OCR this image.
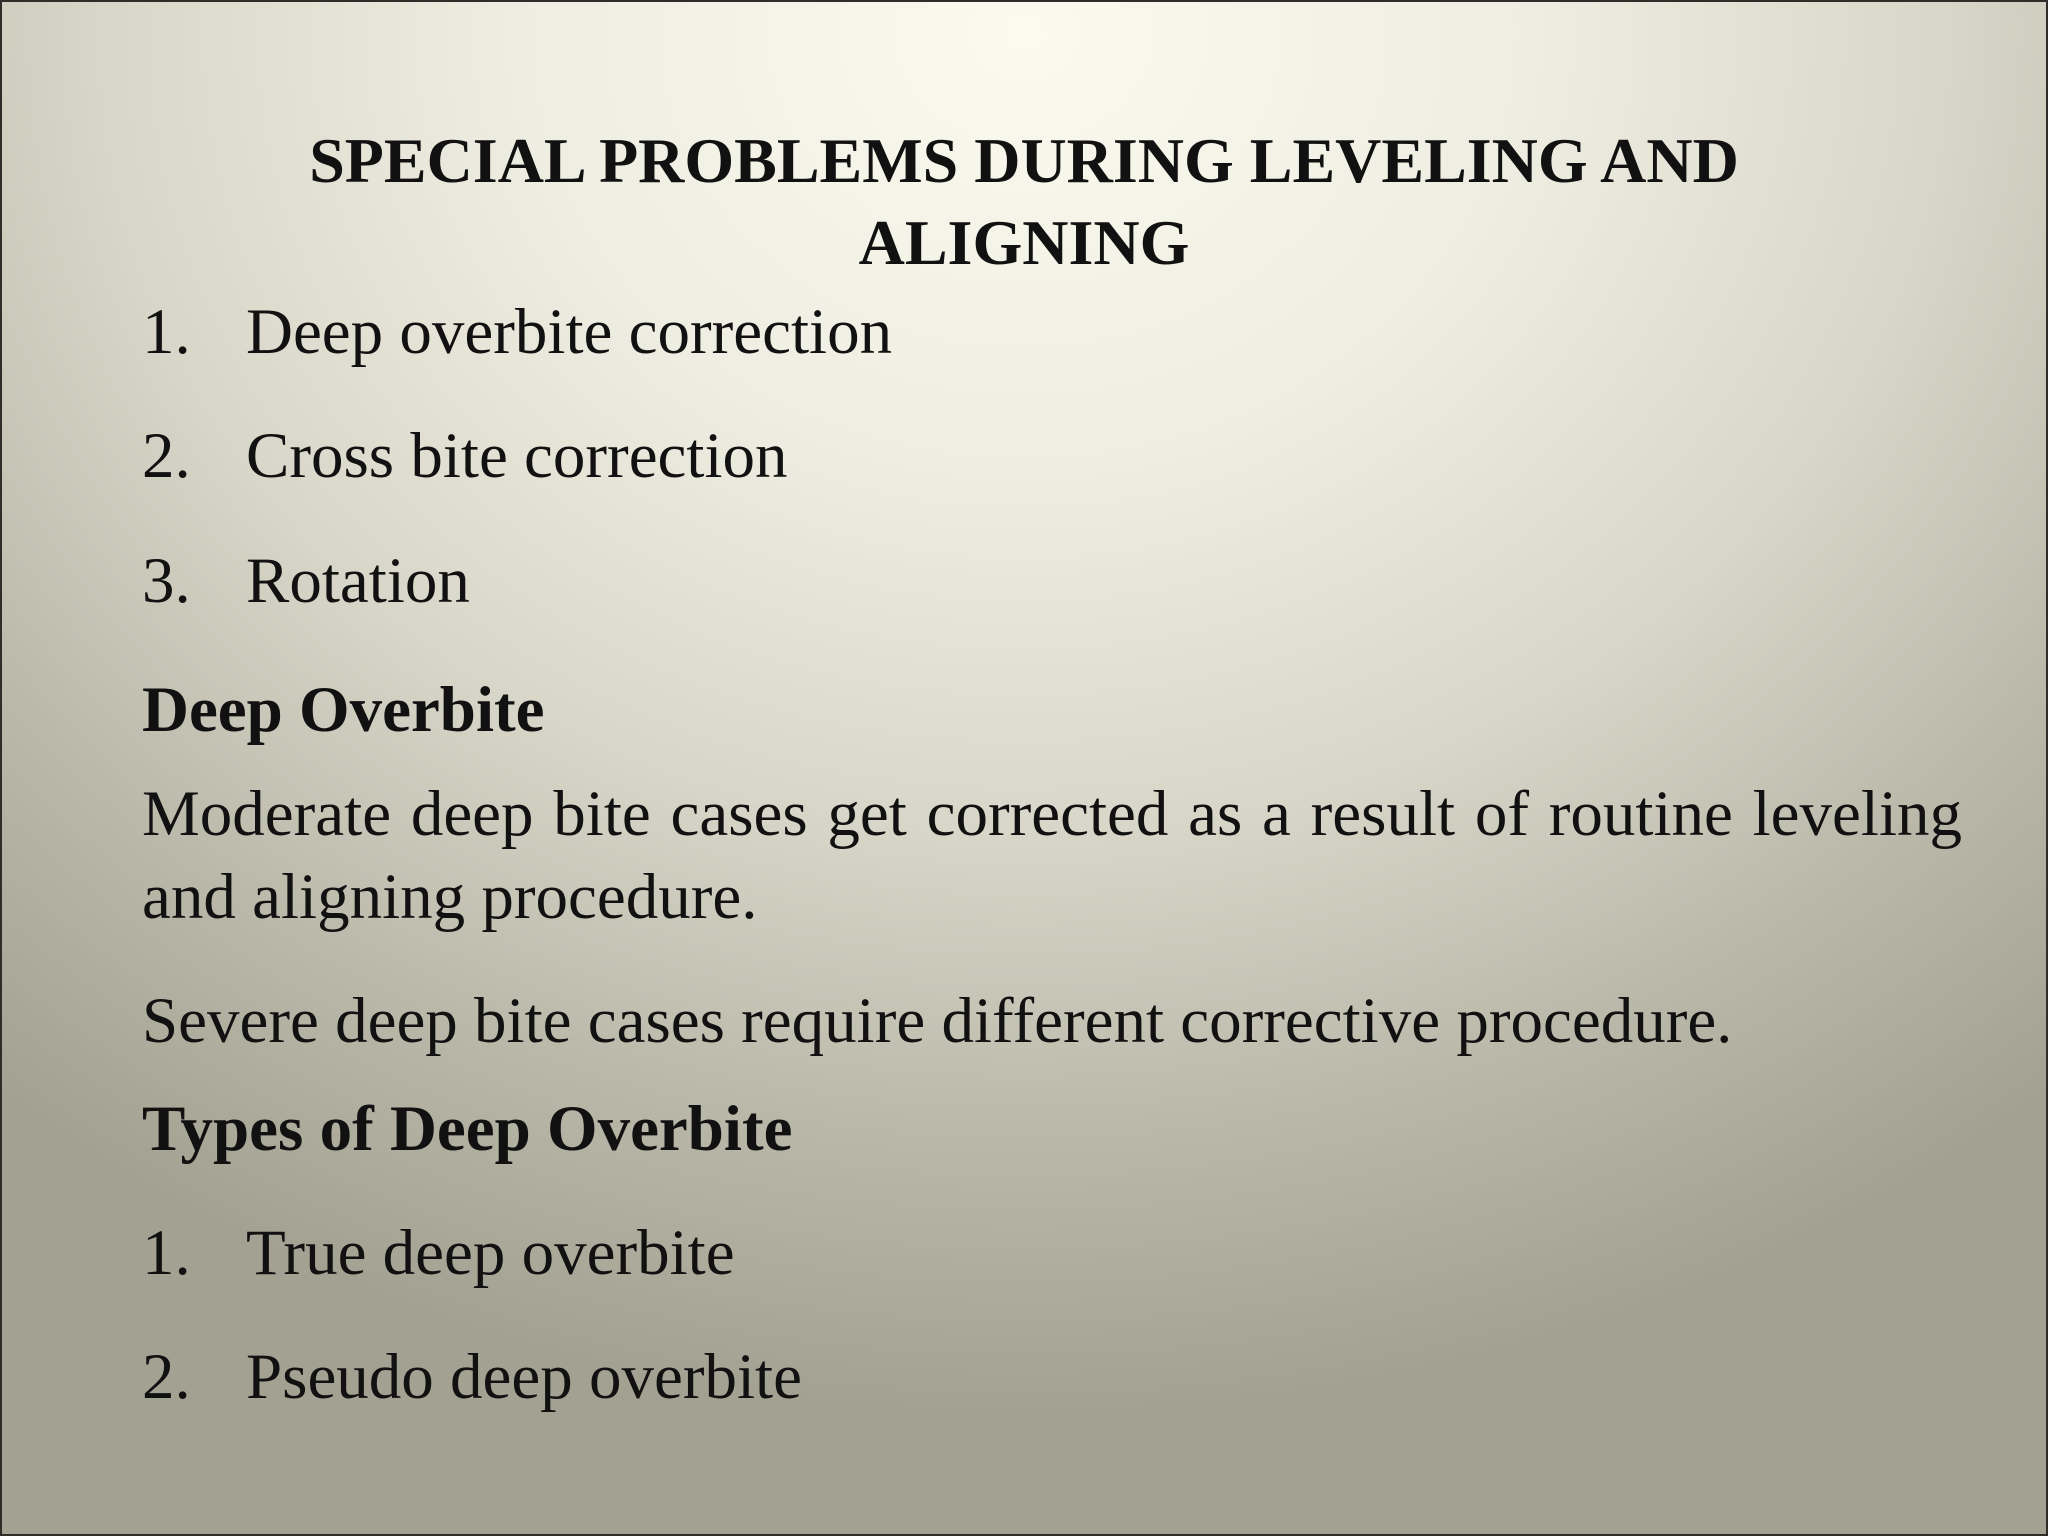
SPECIAL PROBLEMS DURING LEVELING AND ALIGNING
1. Deep overbite correction
2. Cross bite correction
3. Rotation
Deep Overbite

Moderate deep bite cases get corrected as a result of routine leveling and aligning procedure.

Severe deep bite cases require different corrective procedure.

Types of Deep Overbite
1. True deep overbite
2. Pseudo deep overbite
